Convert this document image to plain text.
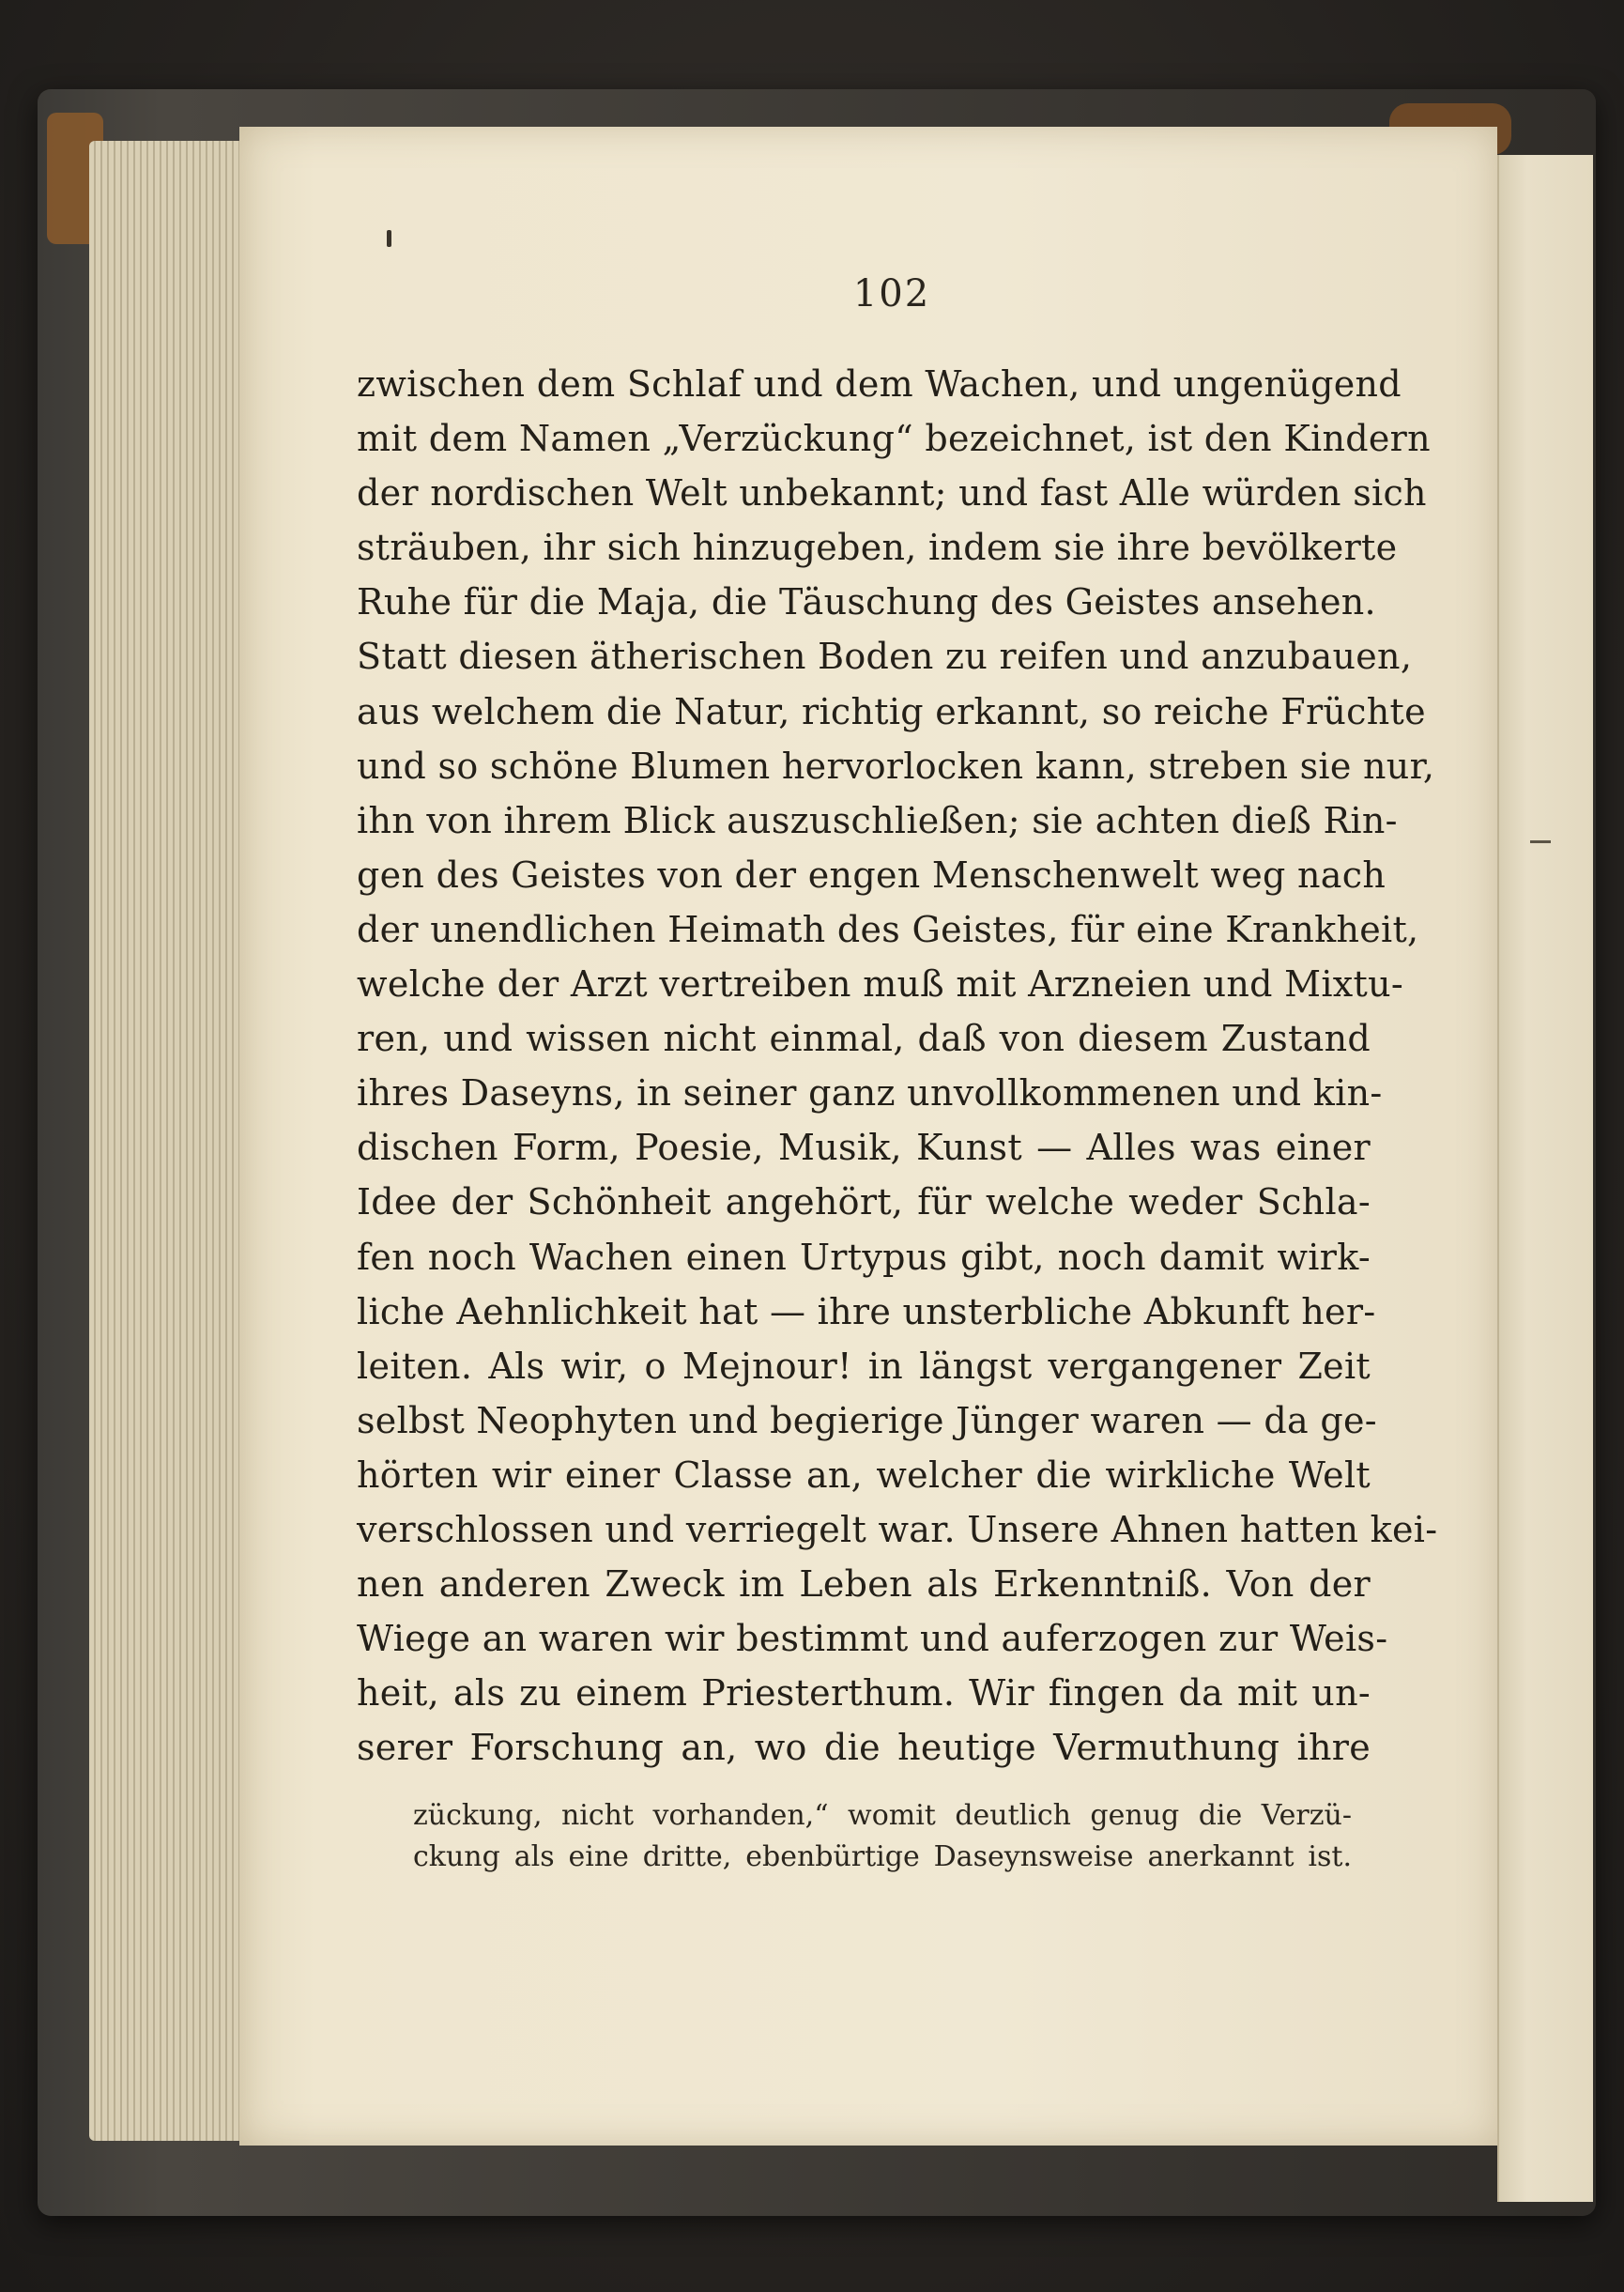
102
zwischen dem Schlaf und dem Wachen, und ungenügend
mit dem Namen „Verzückung“ bezeichnet, ist den Kindern
der nordischen Welt unbekannt; und fast Alle würden sich
sträuben, ihr sich hinzugeben, indem sie ihre bevölkerte
Ruhe für die Maja, die Täuschung des Geistes ansehen.
Statt diesen ätherischen Boden zu reifen und anzubauen,
aus welchem die Natur, richtig erkannt, so reiche Früchte
und so schöne Blumen hervorlocken kann, streben sie nur,
ihn von ihrem Blick auszuschließen; sie achten dieß Rin-
gen des Geistes von der engen Menschenwelt weg nach
der unendlichen Heimath des Geistes, für eine Krankheit,
welche der Arzt vertreiben muß mit Arzneien und Mixtu-
ren, und wissen nicht einmal, daß von diesem Zustand
ihres Daseyns, in seiner ganz unvollkommenen und kin-
dischen Form, Poesie, Musik, Kunst — Alles was einer
Idee der Schönheit angehört, für welche weder Schla-
fen noch Wachen einen Urtypus gibt, noch damit wirk-
liche Aehnlichkeit hat — ihre unsterbliche Abkunft her-
leiten. Als wir, o Mejnour! in längst vergangener Zeit
selbst Neophyten und begierige Jünger waren — da ge-
hörten wir einer Classe an, welcher die wirkliche Welt
verschlossen und verriegelt war. Unsere Ahnen hatten kei-
nen anderen Zweck im Leben als Erkenntniß. Von der
Wiege an waren wir bestimmt und auferzogen zur Weis-
heit, als zu einem Priesterthum. Wir fingen da mit un-
serer Forschung an, wo die heutige Vermuthung ihre
zückung, nicht vorhanden,“ womit deutlich genug die Verzü-
ckung als eine dritte, ebenbürtige Daseynsweise anerkannt ist.
